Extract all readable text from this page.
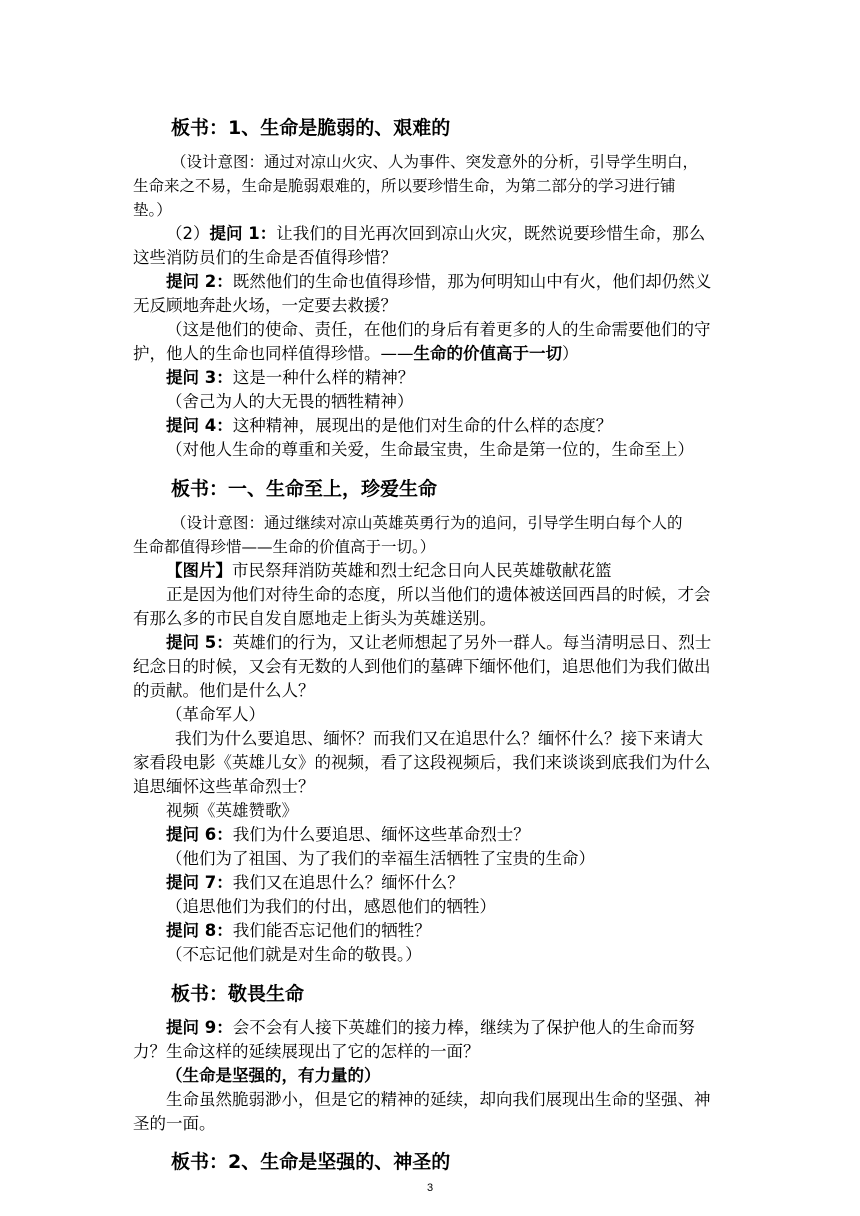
板书：1、生命是脆弱的、艰难的
（设计意图：通过对凉山火灾、人为事件、突发意外的分析，引导学生明白，
生命来之不易，生命是脆弱艰难的，所以要珍惜生命，为第二部分的学习进行铺
垫。）
（2）提问 1：让我们的目光再次回到凉山火灾，既然说要珍惜生命，那么
这些消防员们的生命是否值得珍惜？
提问 2：既然他们的生命也值得珍惜，那为何明知山中有火，他们却仍然义
无反顾地奔赴火场，一定要去救援？
（这是他们的使命、责任，在他们的身后有着更多的人的生命需要他们的守
护，他人的生命也同样值得珍惜。——生命的价值高于一切）
提问 3：这是一种什么样的精神？
（舍己为人的大无畏的牺牲精神）
提问 4：这种精神，展现出的是他们对生命的什么样的态度？
（对他人生命的尊重和关爱，生命最宝贵，生命是第一位的，生命至上）
板书：一、生命至上，珍爱生命
（设计意图：通过继续对凉山英雄英勇行为的追问，引导学生明白每个人的
生命都值得珍惜——生命的价值高于一切。）
【图片】市民祭拜消防英雄和烈士纪念日向人民英雄敬献花篮
正是因为他们对待生命的态度，所以当他们的遗体被送回西昌的时候，才会
有那么多的市民自发自愿地走上街头为英雄送别。
提问 5：英雄们的行为，又让老师想起了另外一群人。每当清明忌日、烈士
纪念日的时候，又会有无数的人到他们的墓碑下缅怀他们，追思他们为我们做出
的贡献。他们是什么人？
（革命军人）
我们为什么要追思、缅怀？而我们又在追思什么？缅怀什么？接下来请大
家看段电影《英雄儿女》的视频，看了这段视频后，我们来谈谈到底我们为什么
追思缅怀这些革命烈士？
视频《英雄赞歌》
提问 6：我们为什么要追思、缅怀这些革命烈士？
（他们为了祖国、为了我们的幸福生活牺牲了宝贵的生命）
提问 7：我们又在追思什么？缅怀什么？
（追思他们为我们的付出，感恩他们的牺牲）
提问 8：我们能否忘记他们的牺牲？
（不忘记他们就是对生命的敬畏。）
板书：敬畏生命
提问 9：会不会有人接下英雄们的接力棒，继续为了保护他人的生命而努
力？生命这样的延续展现出了它的怎样的一面？
（生命是坚强的，有力量的）
生命虽然脆弱渺小，但是它的精神的延续，却向我们展现出生命的坚强、神
圣的一面。
板书：2、生命是坚强的、神圣的
3
